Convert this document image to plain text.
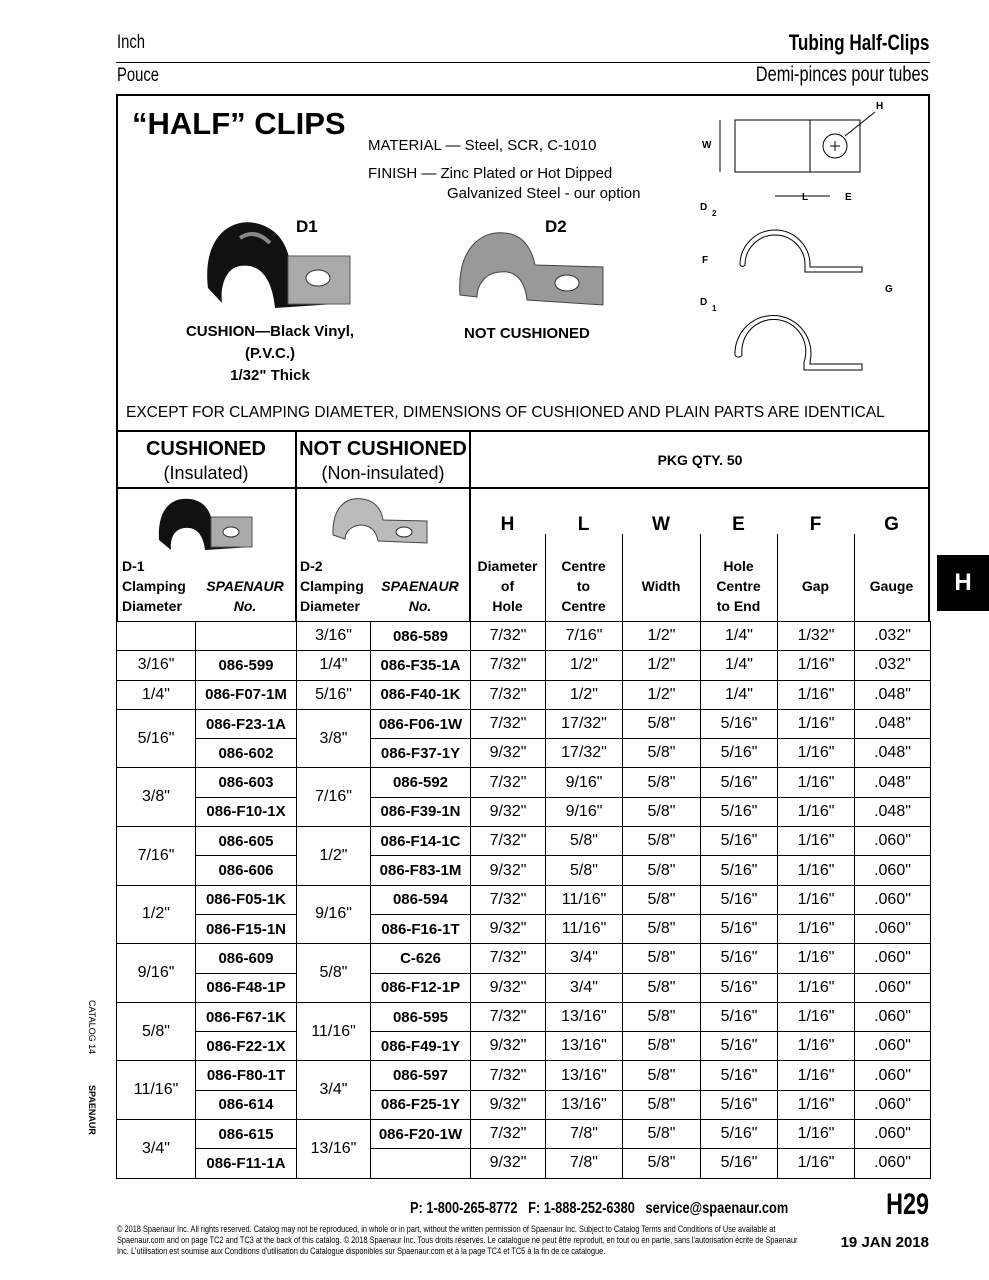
Inch	Tubing Half-Clips
Pouce	Demi-pinces pour tubes
“HALF” CLIPS
MATERIAL — Steel, SCR, C-1010
FINISH — Zinc Plated or Hot Dipped
Galvanized Steel - our option
D1	D2
CUSHION—Black Vinyl,
(P.V.C.)
1/32" Thick
NOT CUSHIONED
W
H
L	E
D
2
F
G
D
1
EXCEPT FOR CLAMPING DIAMETER, DIMENSIONS OF CUSHIONED AND PLAIN PARTS ARE IDENTICAL
CUSHIONED
(Insulated)
NOT CUSHIONED
(Non-insulated)
PKG QTY. 50
D-1
Clamping
Diameter
SPAENAUR
No.
D-2
Clamping
Diameter
SPAENAUR
No.
H
Diameter
of
Hole
L
Centre
to
Centre
W

Width
E
Hole
Centre
to End
F

Gap
G

Gauge
		3/16"	086-589	7/32"	7/16"	1/2"	1/4"	1/32"	.032"
3/16"	086-599	1/4"	086-F35-1A	7/32"	1/2"	1/2"	1/4"	1/16"	.032"
1/4"	086-F07-1M	5/16"	086-F40-1K	7/32"	1/2"	1/2"	1/4"	1/16"	.048"
5/16"	086-F23-1A	3/8"	086-F06-1W	7/32"	17/32"	5/8"	5/16"	1/16"	.048"
	086-602		086-F37-1Y	9/32"	17/32"	5/8"	5/16"	1/16"	.048"
3/8"	086-603	7/16"	086-592	7/32"	9/16"	5/8"	5/16"	1/16"	.048"
	086-F10-1X		086-F39-1N	9/32"	9/16"	5/8"	5/16"	1/16"	.048"
7/16"	086-605	1/2"	086-F14-1C	7/32"	5/8"	5/8"	5/16"	1/16"	.060"
	086-606		086-F83-1M	9/32"	5/8"	5/8"	5/16"	1/16"	.060"
1/2"	086-F05-1K	9/16"	086-594	7/32"	11/16"	5/8"	5/16"	1/16"	.060"
	086-F15-1N		086-F16-1T	9/32"	11/16"	5/8"	5/16"	1/16"	.060"
9/16"	086-609	5/8"	C-626	7/32"	3/4"	5/8"	5/16"	1/16"	.060"
	086-F48-1P		086-F12-1P	9/32"	3/4"	5/8"	5/16"	1/16"	.060"
5/8"	086-F67-1K	11/16"	086-595	7/32"	13/16"	5/8"	5/16"	1/16"	.060"
	086-F22-1X		086-F49-1Y	9/32"	13/16"	5/8"	5/16"	1/16"	.060"
11/16"	086-F80-1T	3/4"	086-597	7/32"	13/16"	5/8"	5/16"	1/16"	.060"
	086-614		086-F25-1Y	9/32"	13/16"	5/8"	5/16"	1/16"	.060"
3/4"	086-615	13/16"	086-F20-1W	7/32"	7/8"	5/8"	5/16"	1/16"	.060"
	086-F11-1A			9/32"	7/8"	5/8"	5/16"	1/16"	.060"
H
CATALOG 14
SPAENAUR
P: 1-800-265-8772 F: 1-888-252-6380 service@spaenaur.com	H29
© 2018 Spaenaur Inc. All rights reserved. Catalog may not be reproduced, in whole or in part, without the written permission of Spaenaur Inc. Subject to Catalog Terms and Conditions of Use available at Spaenaur.com and on page TC2 and TC3 at the back of this catalog. © 2018 Spaenaur Inc. Tous droits réservés. Le catalogue ne peut être reproduit, en tout ou en partie, sans l'autorisation écrite de Spaenaur Inc. L'utilisation est soumise aux Conditions d'utilisation du Catalogue disponibles sur Spaenaur.com et à la page TC4 et TC5 à la fin de ce catalogue.	19 JAN 2018
